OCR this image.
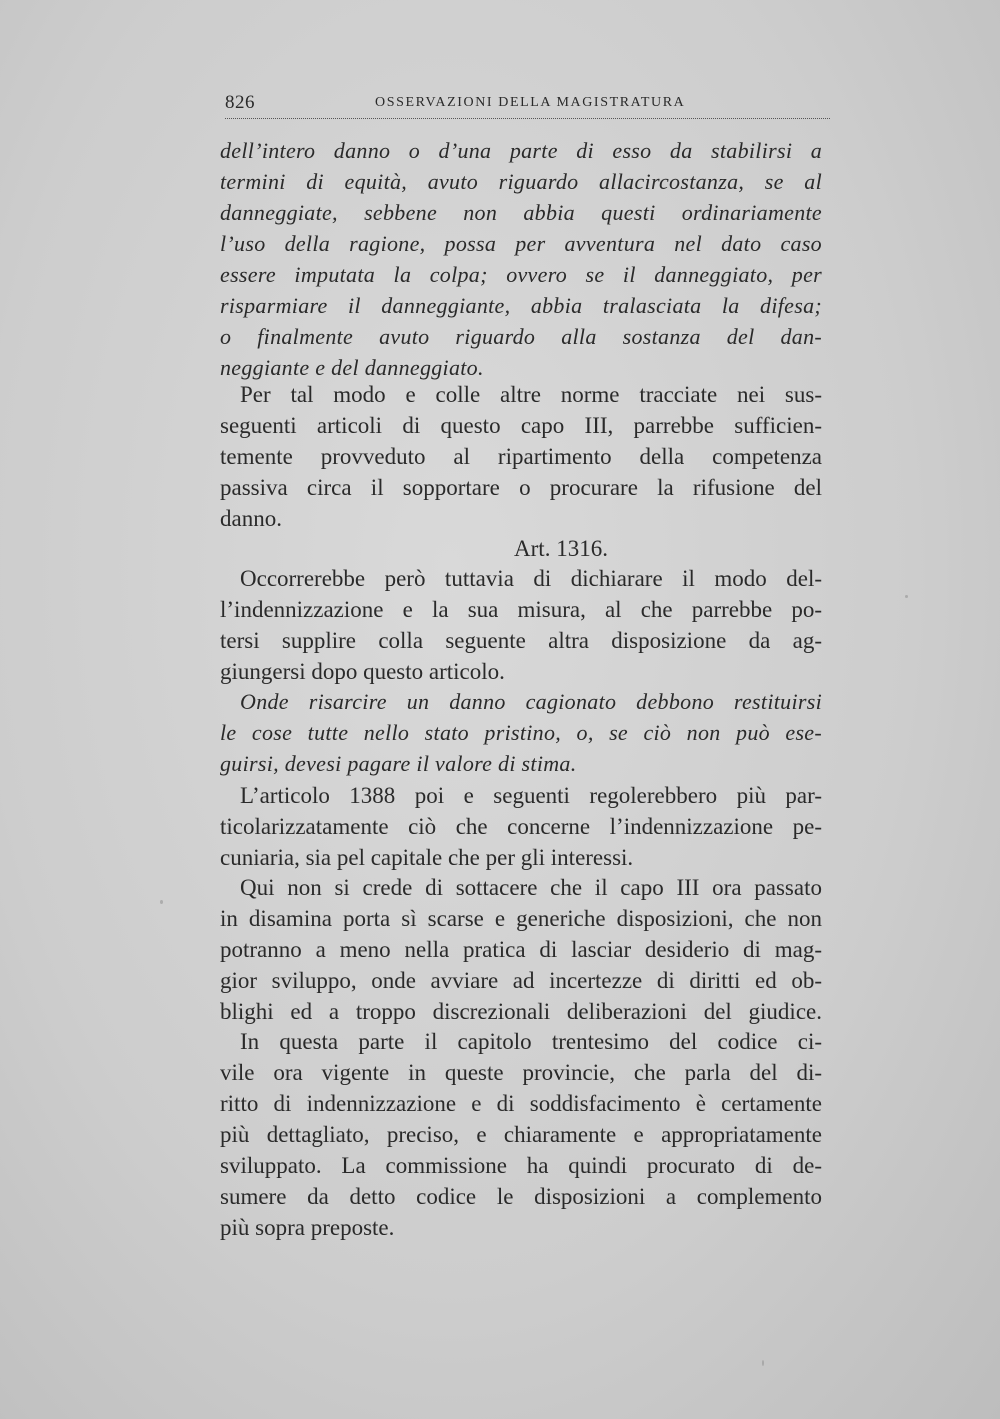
826	OSSERVAZIONI DELLA MAGISTRATURA
dell’intero danno o d’una parte di esso da stabilirsi a
termini di equità, avuto riguardo allacircostanza, se al
danneggiate, sebbene non abbia questi ordinariamente
l’uso della ragione, possa per avventura nel dato caso
essere imputata la colpa; ovvero se il danneggiato, per
risparmiare il danneggiante, abbia tralasciata la difesa;
o finalmente avuto riguardo alla sostanza del dan-
neggiante e del danneggiato.
Per tal modo e colle altre norme tracciate nei sus-
seguenti articoli di questo capo III, parrebbe sufficien-
temente provveduto al ripartimento della competenza
passiva circa il sopportare o procurare la rifusione del
danno.
Art. 1316.
Occorrerebbe però tuttavia di dichiarare il modo del-
l’indennizzazione e la sua misura, al che parrebbe po-
tersi supplire colla seguente altra disposizione da ag-
giungersi dopo questo articolo.
Onde risarcire un danno cagionato debbono restituirsi
le cose tutte nello stato pristino, o, se ciò non può ese-
guirsi, devesi pagare il valore di stima.
L’articolo 1388 poi e seguenti regolerebbero più par-
ticolarizzatamente ciò che concerne l’indennizzazione pe-
cuniaria, sia pel capitale che per gli interessi.
Qui non si crede di sottacere che il capo III ora passato
in disamina porta sì scarse e generiche disposizioni, che non
potranno a meno nella pratica di lasciar desiderio di mag-
gior sviluppo, onde avviare ad incertezze di diritti ed ob-
blighi ed a troppo discrezionali deliberazioni del giudice.
In questa parte il capitolo trentesimo del codice ci-
vile ora vigente in queste provincie, che parla del di-
ritto di indennizzazione e di soddisfacimento è certamente
più dettagliato, preciso, e chiaramente e appropriatamente
sviluppato. La commissione ha quindi procurato di de-
sumere da detto codice le disposizioni a complemento
più sopra preposte.
